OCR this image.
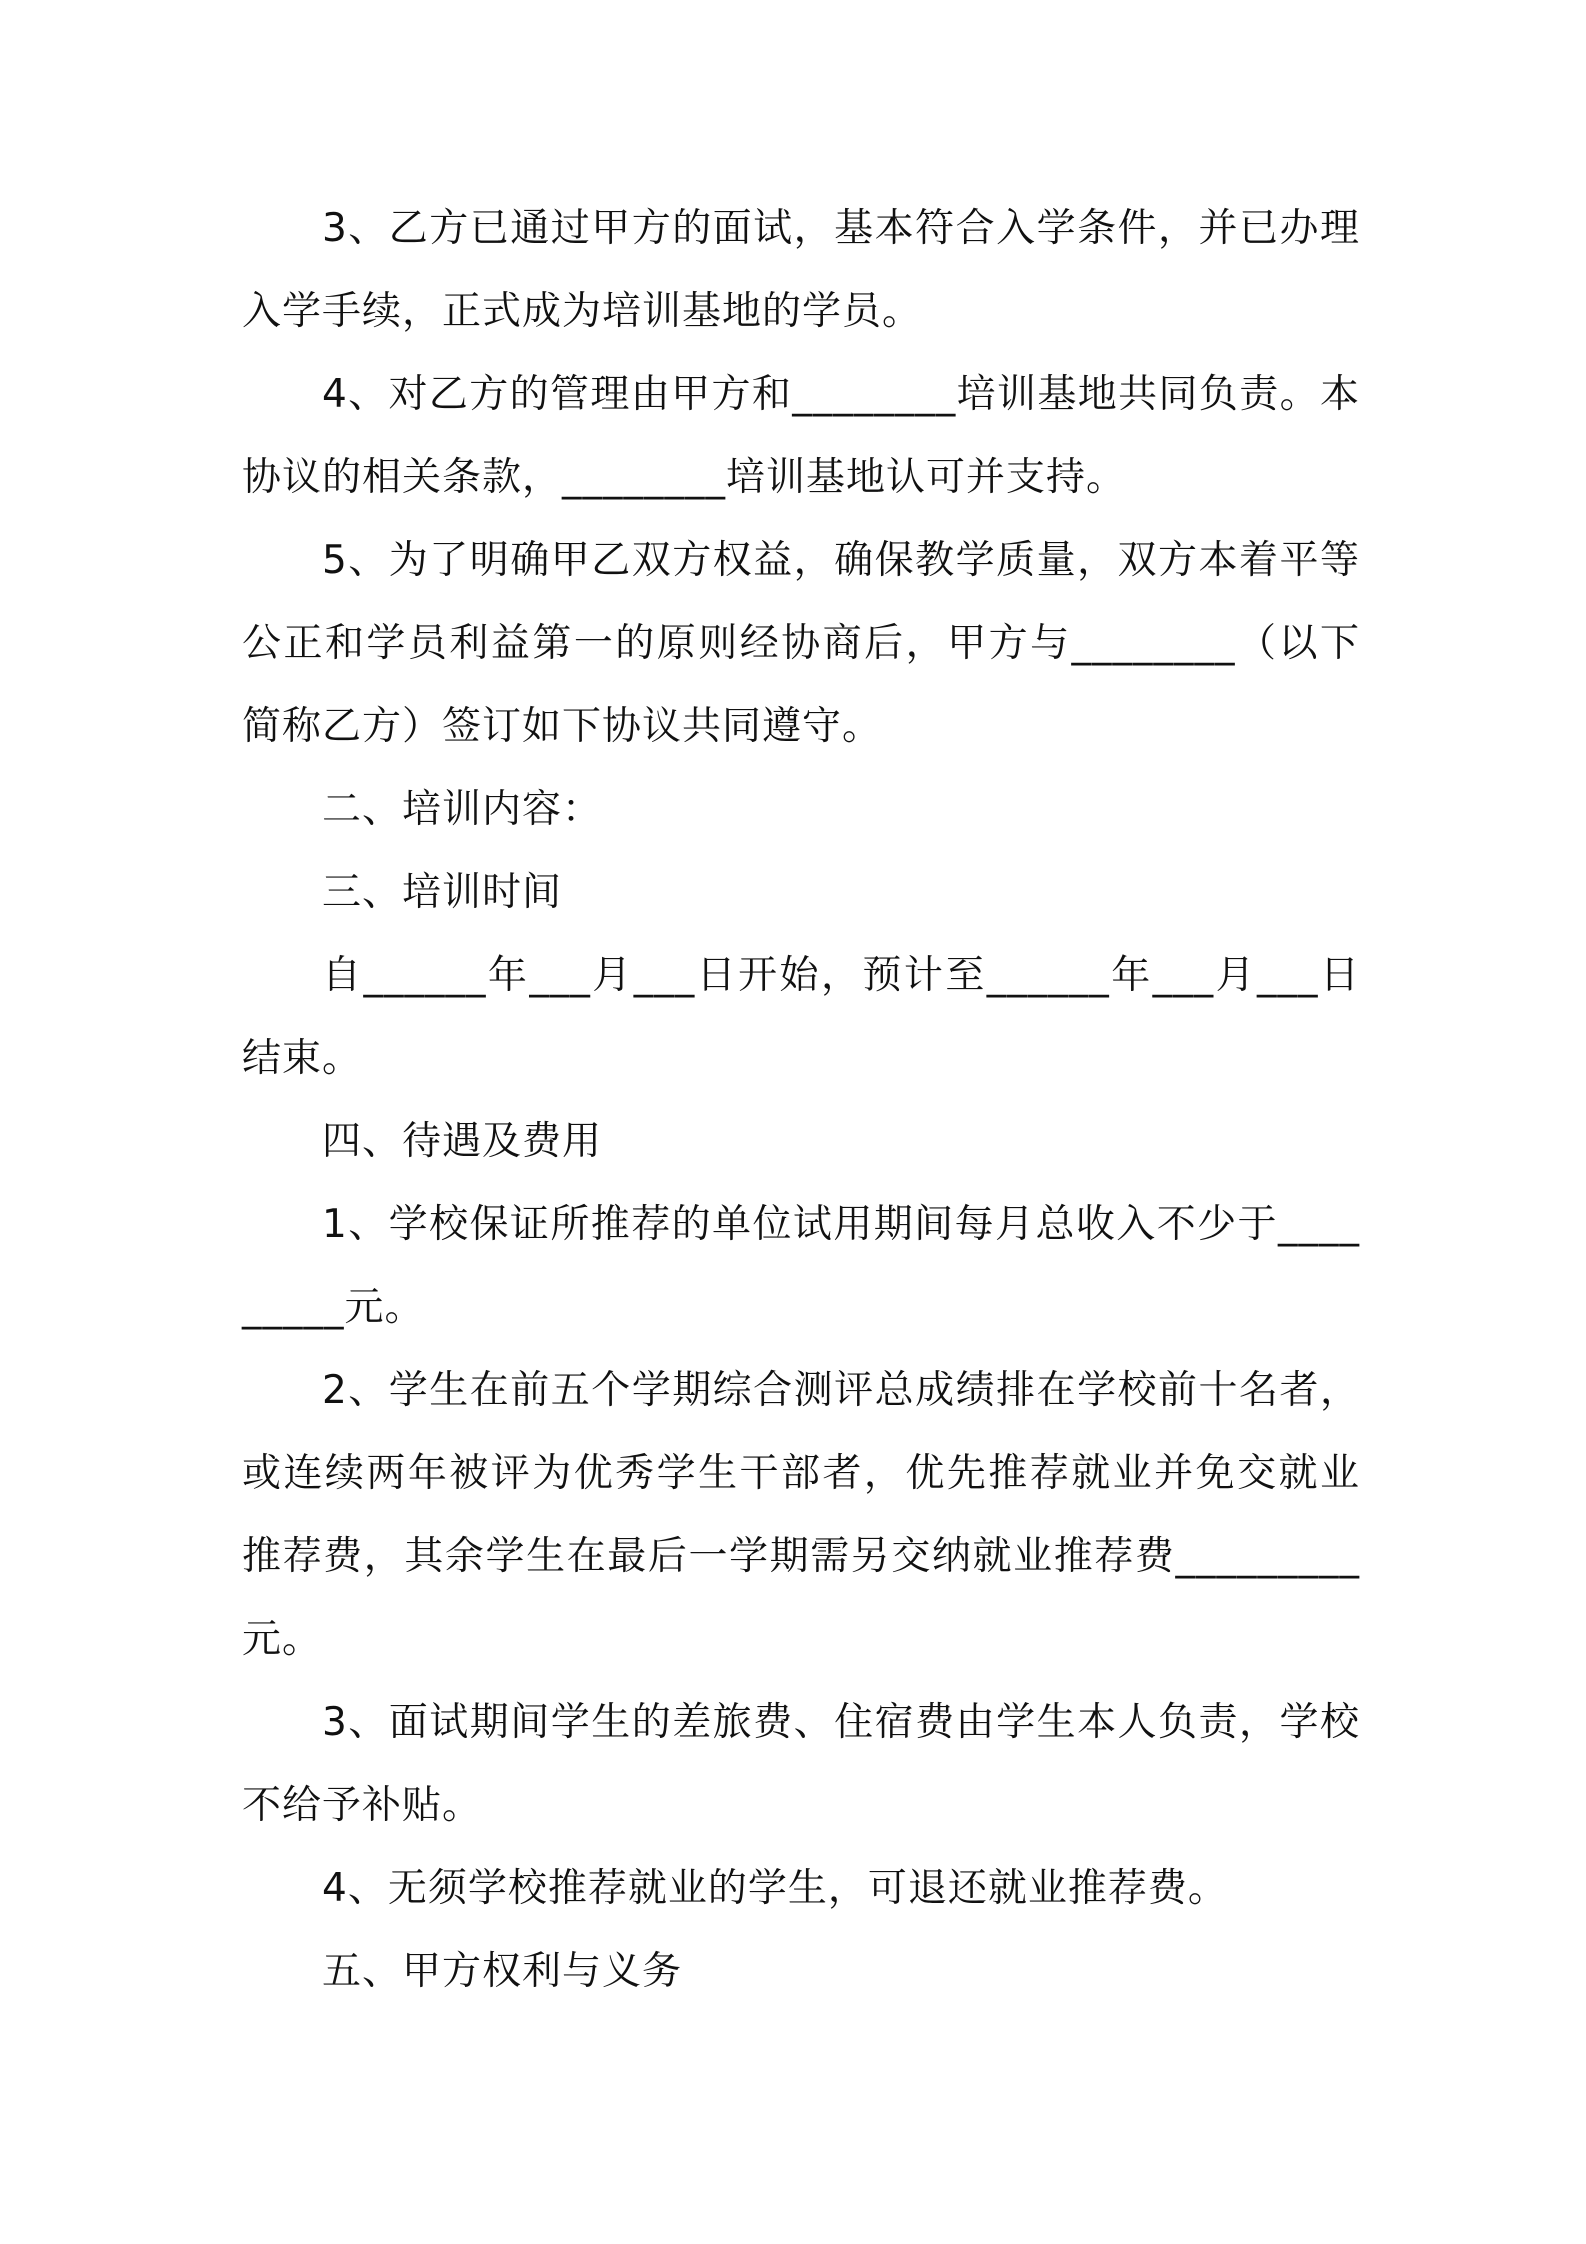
3、乙方已通过甲方的面试，基本符合入学条件，并已办理入学手续，正式成为培训基地的学员。

4、对乙方的管理由甲方和________培训基地共同负责。本协议的相关条款，________培训基地认可并支持。

5、为了明确甲乙双方权益，确保教学质量，双方本着平等公正和学员利益第一的原则经协商后，甲方与________（以下简称乙方）签订如下协议共同遵守。

二、培训内容：

三、培训时间

自______年___月___日开始，预计至______年___月___日结束。

四、待遇及费用

1、学校保证所推荐的单位试用期间每月总收入不少于_________元。

2、学生在前五个学期综合测评总成绩排在学校前十名者，或连续两年被评为优秀学生干部者，优先推荐就业并免交就业推荐费，其余学生在最后一学期需另交纳就业推荐费_________元。

3、面试期间学生的差旅费、住宿费由学生本人负责，学校不给予补贴。

4、无须学校推荐就业的学生，可退还就业推荐费。

五、甲方权利与义务
